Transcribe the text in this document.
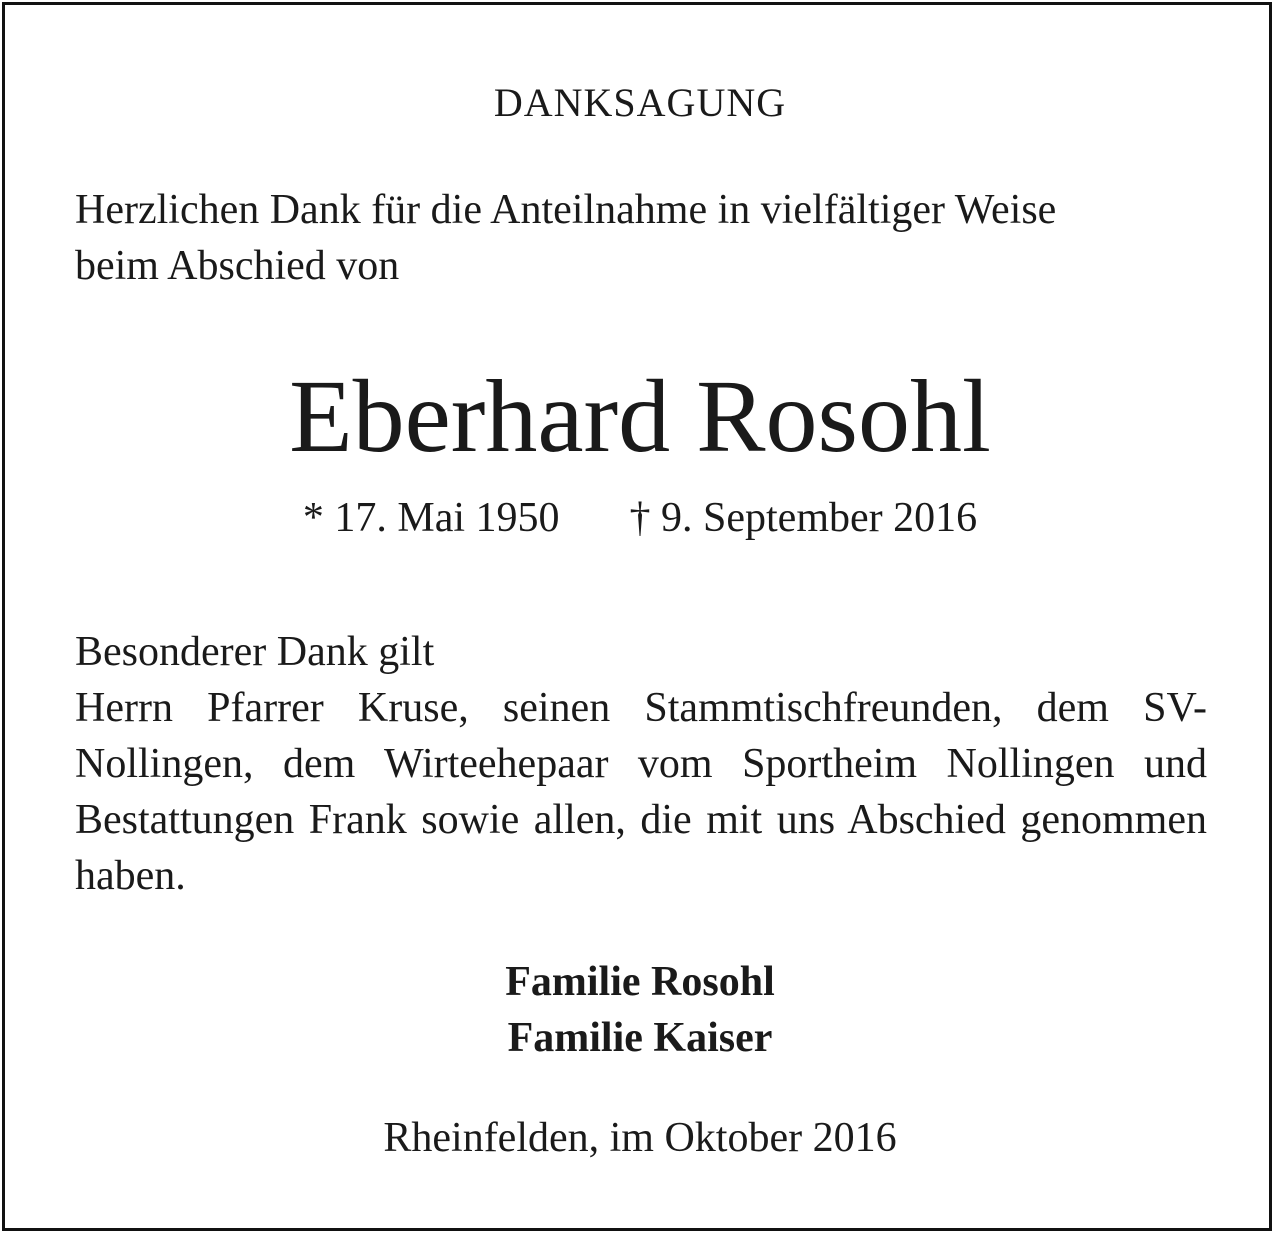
DANKSAGUNG
Herzlichen Dank für die Anteilnahme in vielfältiger Weise
beim Abschied von
Eberhard Rosohl
* 17. Mai 1950 † 9. September 2016
Besonderer Dank gilt
Herrn Pfarrer Kruse, seinen Stammtischfreunden, dem SV-Nollingen, dem Wirteehepaar vom Sportheim Nollingen und Bestattungen Frank sowie allen, die mit uns Abschied genommen haben.
Familie Rosohl
Familie Kaiser
Rheinfelden, im Oktober 2016
